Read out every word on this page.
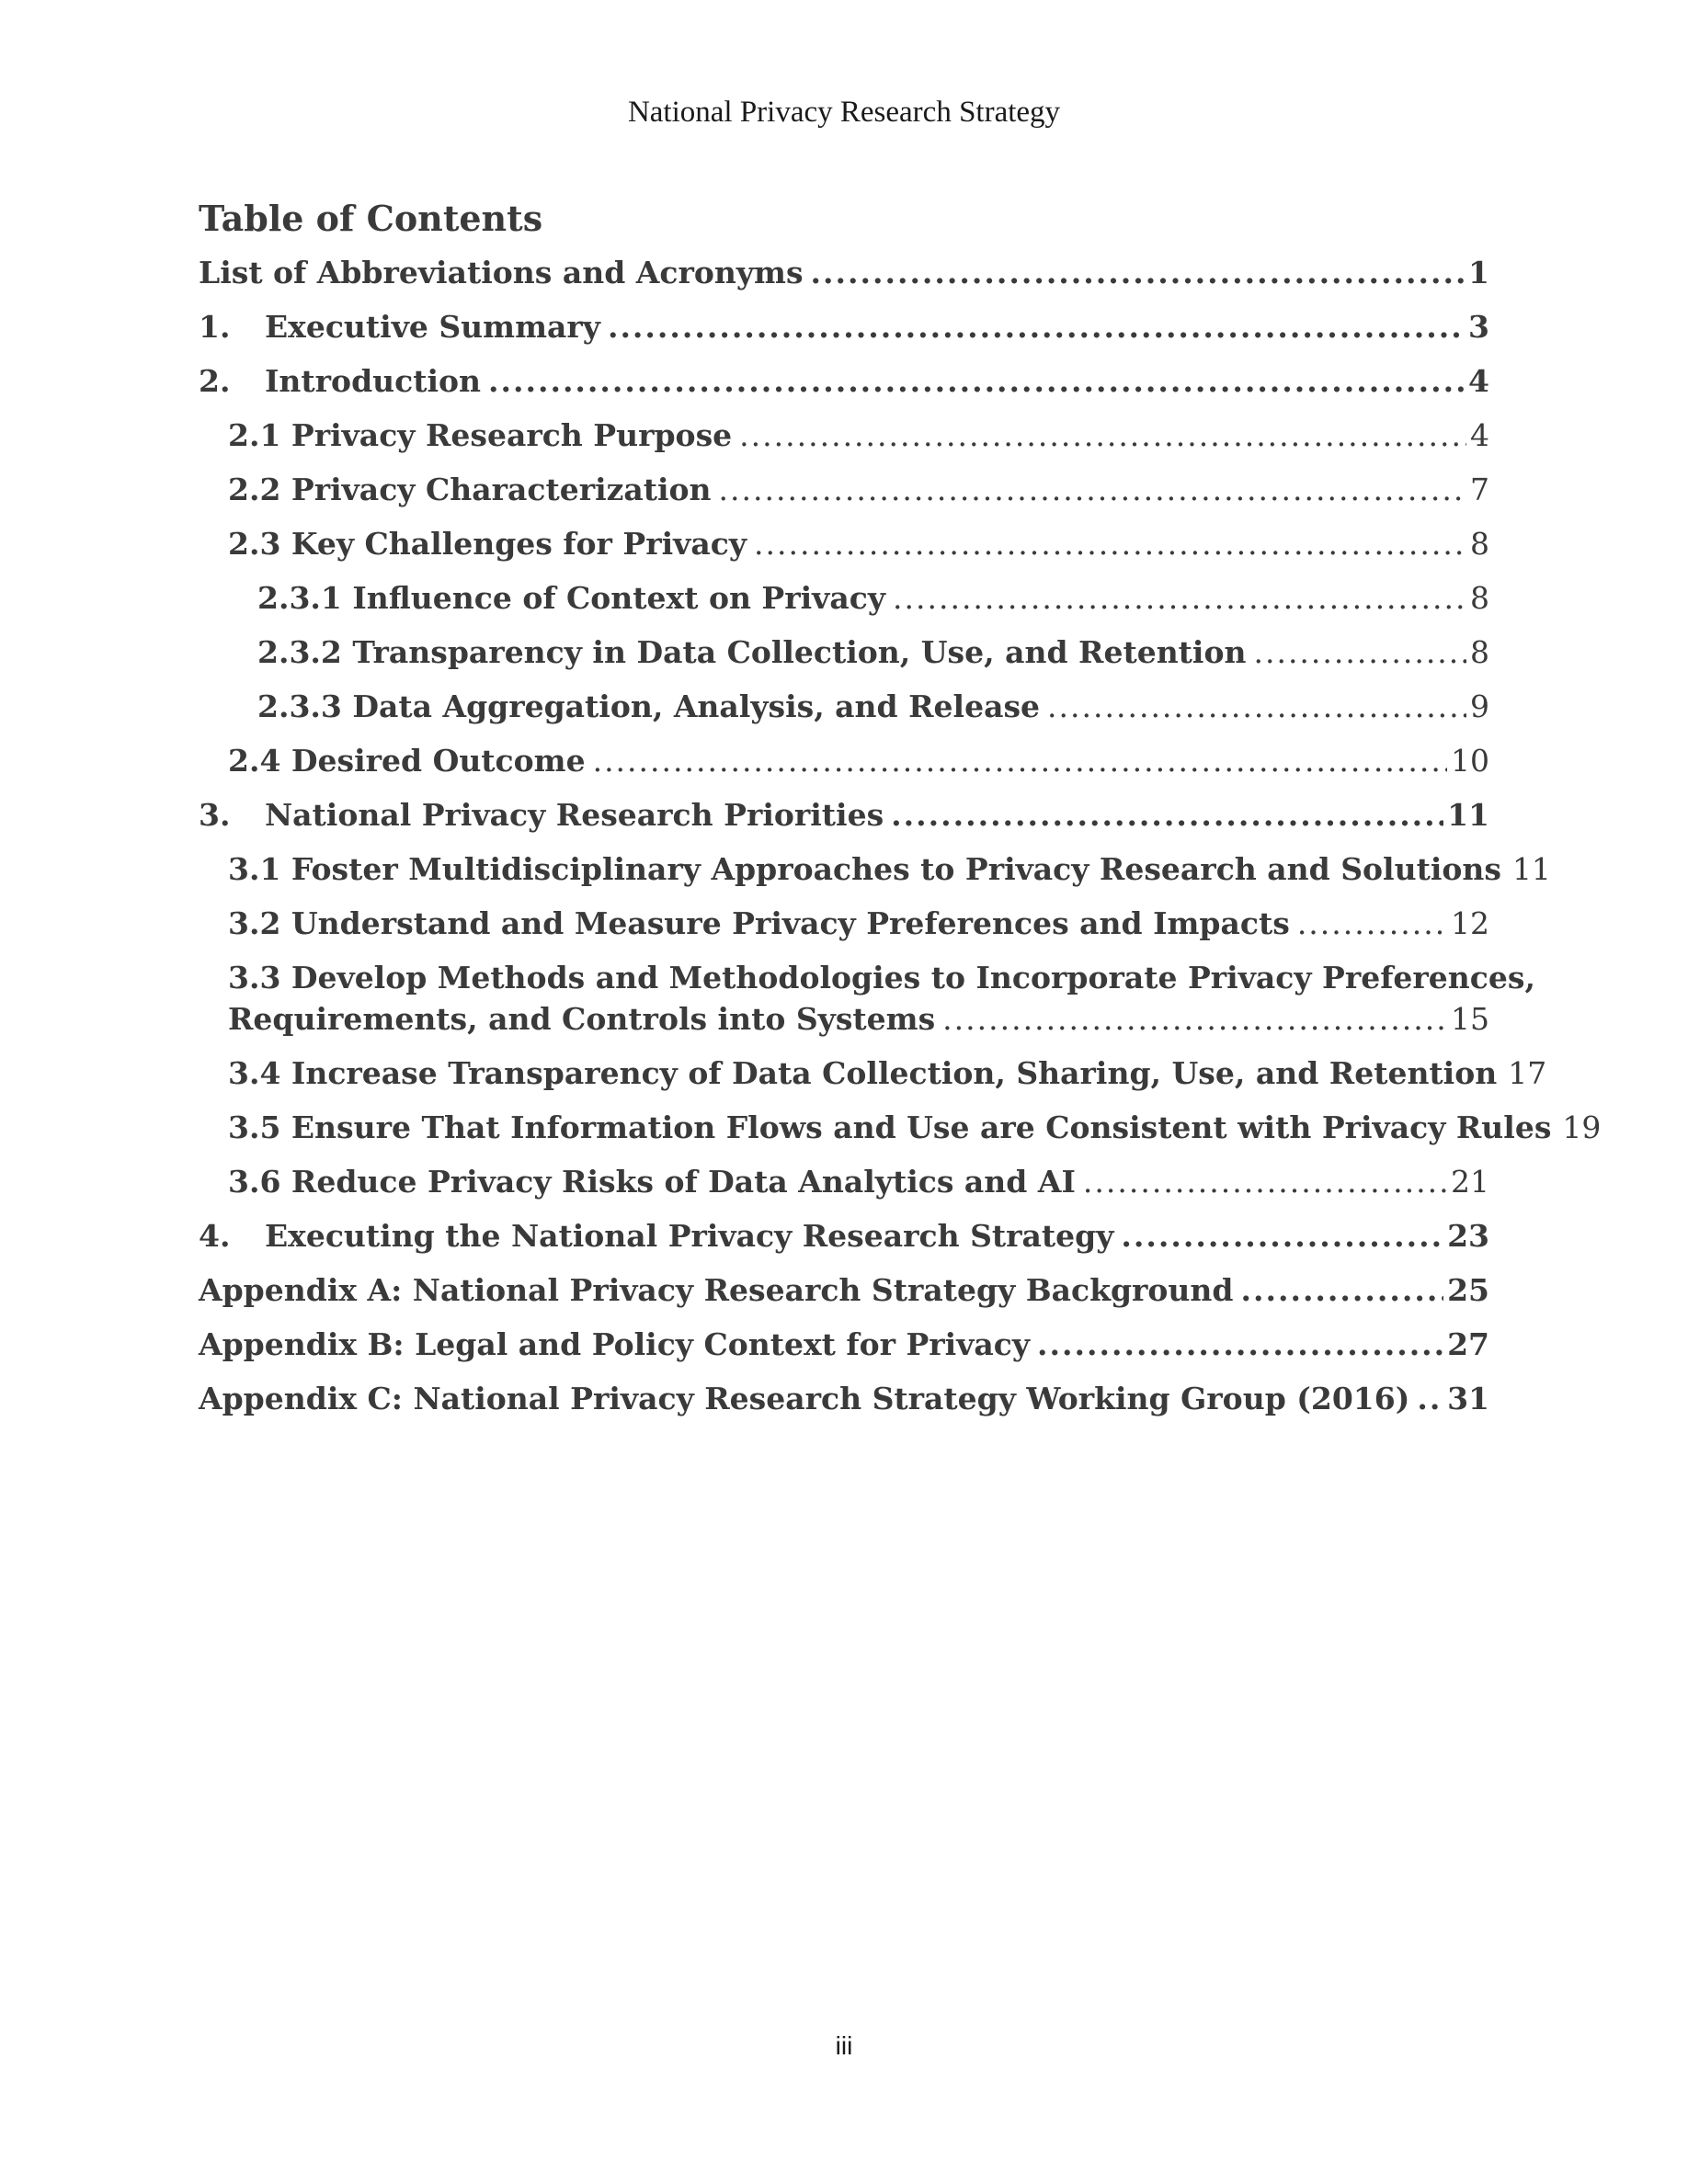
National Privacy Research Strategy
Table of Contents
List of Abbreviations and Acronyms .....	1
1. Executive Summary .....	3
2. Introduction .....	4
2.1 Privacy Research Purpose .....	4
2.2 Privacy Characterization .....	7
2.3 Key Challenges for Privacy .....	8
2.3.1 Influence of Context on Privacy .....	8
2.3.2 Transparency in Data Collection, Use, and Retention .....	8
2.3.3 Data Aggregation, Analysis, and Release .....	9
2.4 Desired Outcome .....	10
3. National Privacy Research Priorities .....	11
3.1 Foster Multidisciplinary Approaches to Privacy Research and Solutions 11
3.2 Understand and Measure Privacy Preferences and Impacts .....	12
3.3 Develop Methods and Methodologies to Incorporate Privacy Preferences,
Requirements, and Controls into Systems .....	15
3.4 Increase Transparency of Data Collection, Sharing, Use, and Retention 17
3.5 Ensure That Information Flows and Use are Consistent with Privacy Rules 19
3.6 Reduce Privacy Risks of Data Analytics and AI .....	21
4. Executing the National Privacy Research Strategy .....	23
Appendix A: National Privacy Research Strategy Background .....	25
Appendix B: Legal and Policy Context for Privacy .....	27
Appendix C: National Privacy Research Strategy Working Group (2016) ..... 31
iii
